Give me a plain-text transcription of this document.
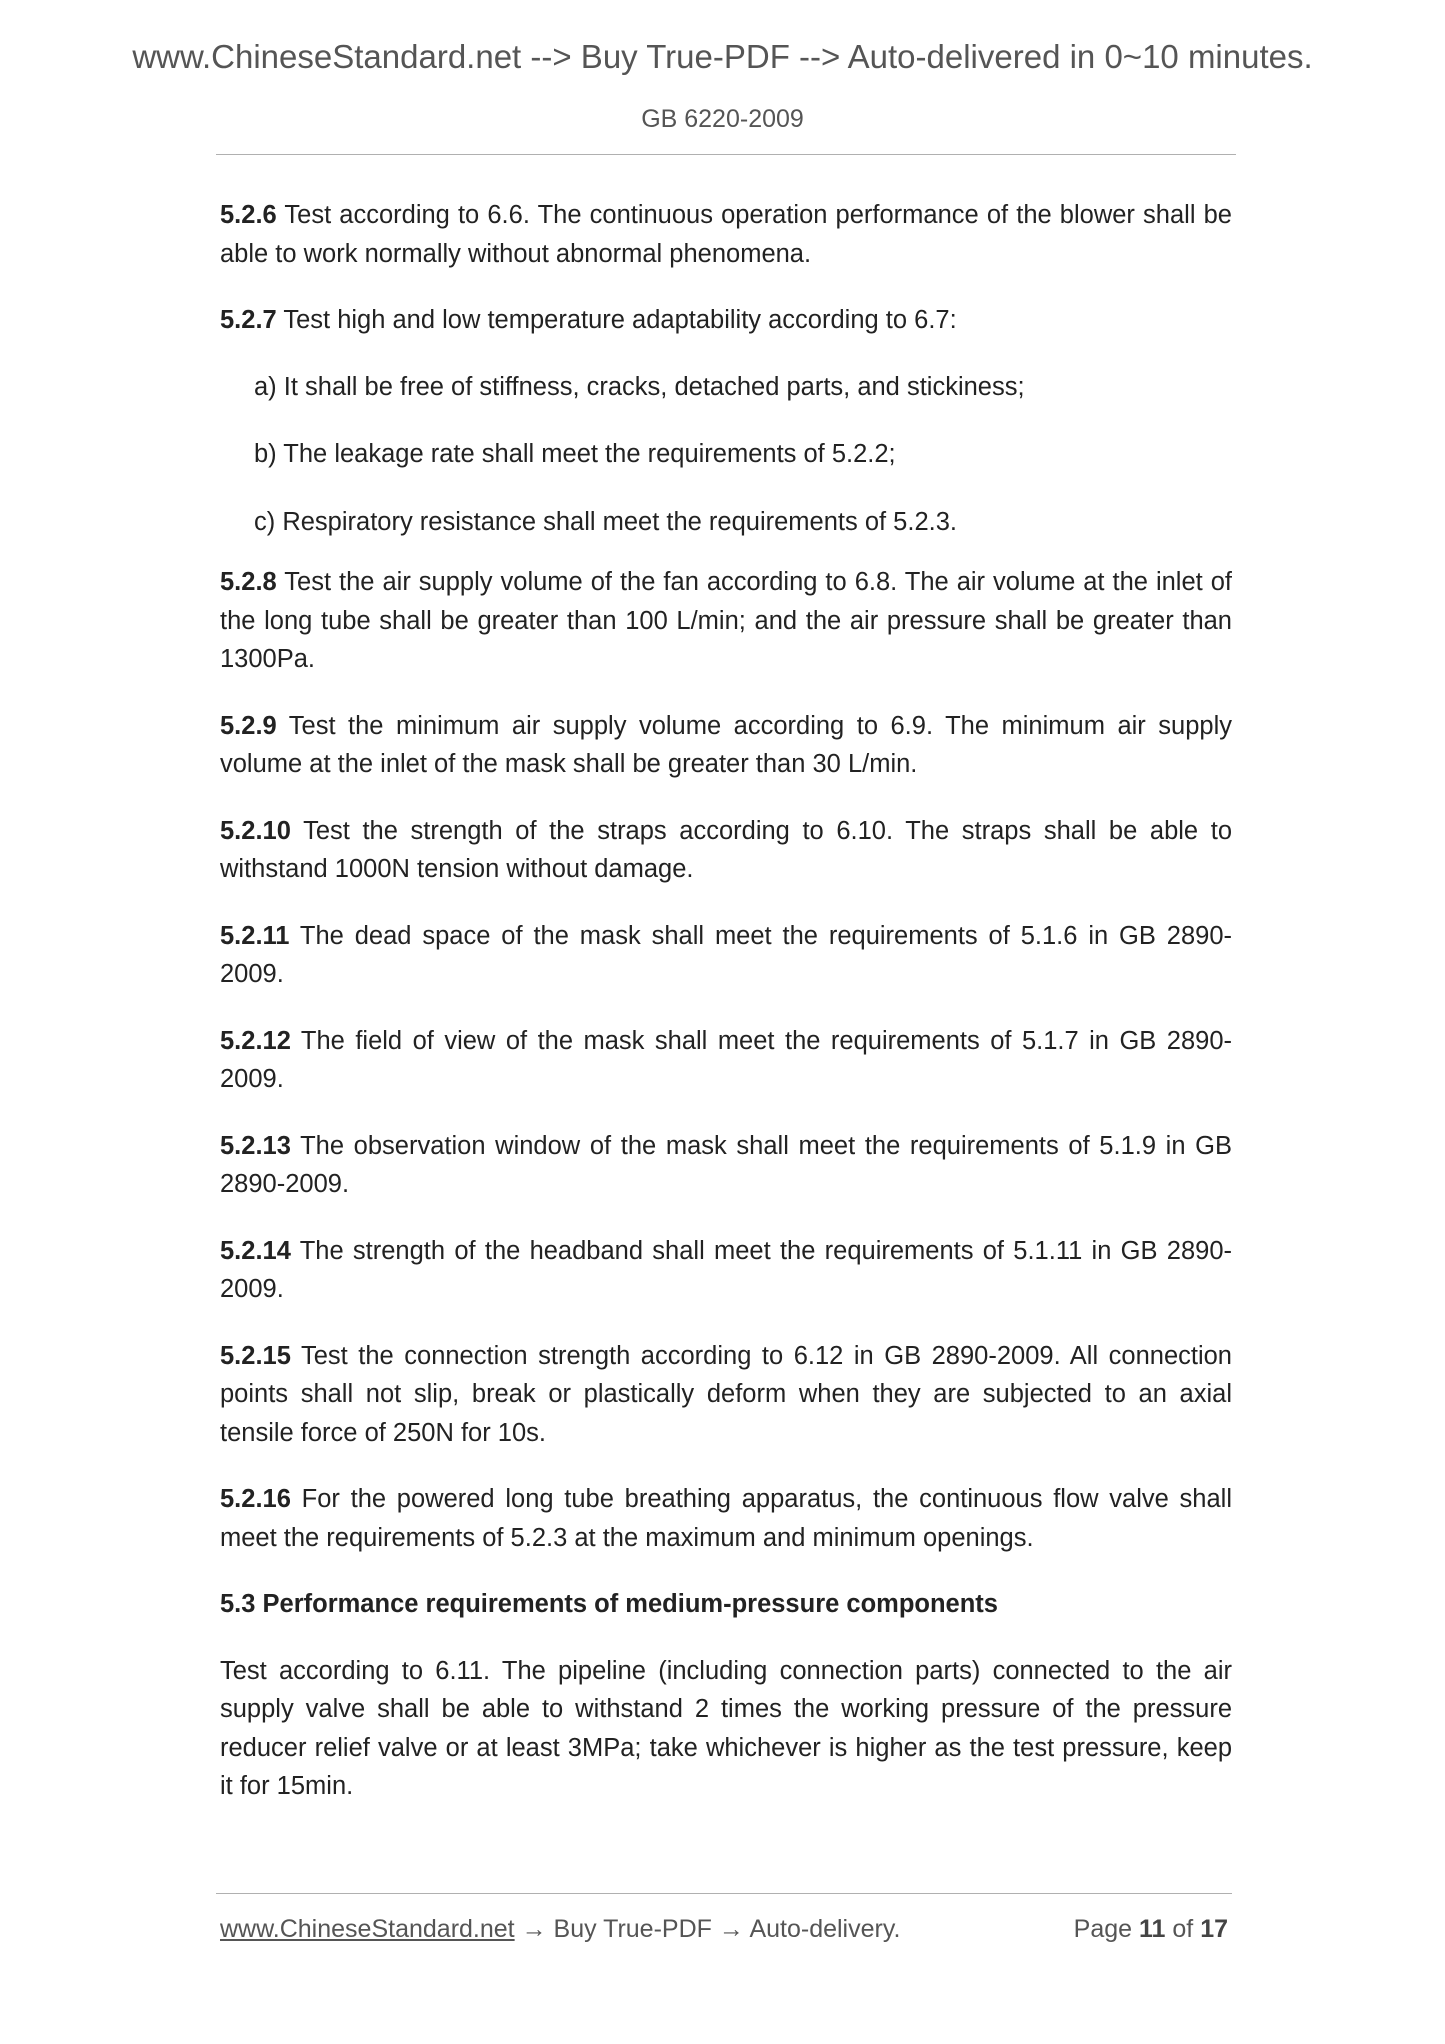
www.ChineseStandard.net --> Buy True-PDF --> Auto-delivered in 0~10 minutes.
GB 6220-2009

5.2.6 Test according to 6.6. The continuous operation performance of the blower shall be able to work normally without abnormal phenomena.

5.2.7 Test high and low temperature adaptability according to 6.7:

a) It shall be free of stiffness, cracks, detached parts, and stickiness;

b) The leakage rate shall meet the requirements of 5.2.2;

c) Respiratory resistance shall meet the requirements of 5.2.3.

5.2.8 Test the air supply volume of the fan according to 6.8. The air volume at the inlet of the long tube shall be greater than 100 L/min; and the air pressure shall be greater than 1300Pa.

5.2.9 Test the minimum air supply volume according to 6.9. The minimum air supply volume at the inlet of the mask shall be greater than 30 L/min.

5.2.10 Test the strength of the straps according to 6.10. The straps shall be able to withstand 1000N tension without damage.

5.2.11 The dead space of the mask shall meet the requirements of 5.1.6 in GB 2890-2009.

5.2.12 The field of view of the mask shall meet the requirements of 5.1.7 in GB 2890-2009.

5.2.13 The observation window of the mask shall meet the requirements of 5.1.9 in GB 2890-2009.

5.2.14 The strength of the headband shall meet the requirements of 5.1.11 in GB 2890-2009.

5.2.15 Test the connection strength according to 6.12 in GB 2890-2009. All connection points shall not slip, break or plastically deform when they are subjected to an axial tensile force of 250N for 10s.

5.2.16 For the powered long tube breathing apparatus, the continuous flow valve shall meet the requirements of 5.2.3 at the maximum and minimum openings.

5.3 Performance requirements of medium-pressure components

Test according to 6.11. The pipeline (including connection parts) connected to the air supply valve shall be able to withstand 2 times the working pressure of the pressure reducer relief valve or at least 3MPa; take whichever is higher as the test pressure, keep it for 15min.

www.ChineseStandard.net → Buy True-PDF → Auto-delivery.	Page 11 of 17
